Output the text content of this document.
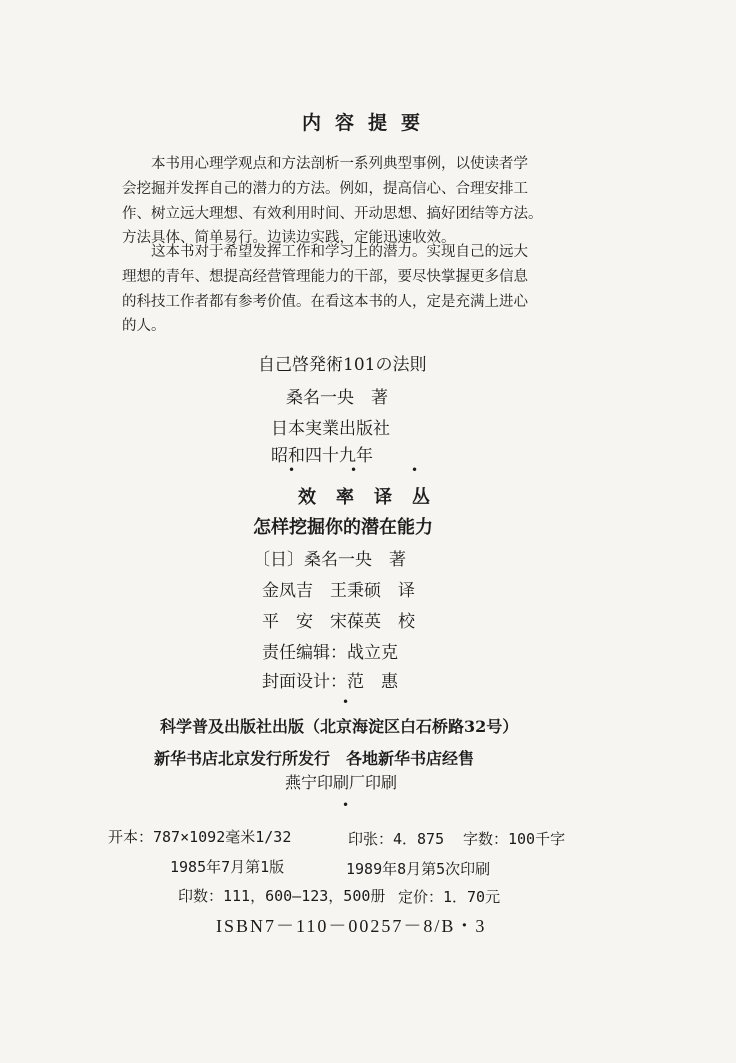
内容提要
本书用心理学观点和方法剖析一系列典型事例，以使读者学
会挖掘并发挥自己的潜力的方法。例如，提高信心、合理安排工
作、树立远大理想、有效利用时间、开动思想、搞好团结等方法。
方法具体、简单易行。边读边实践，定能迅速收效。
这本书对于希望发挥工作和学习上的潜力。实现自己的远大
理想的青年、想提高经营管理能力的干部，要尽快掌握更多信息
的科技工作者都有参考价值。在看这本书的人，定是充满上进心
的人。
自己啓発術101の法則
桑名一央　著
日本実業出版社
昭和四十九年
•	•	•
效率译丛
怎样挖掘你的潜在能力
〔日〕桑名一央　著
金凤吉　王秉硕　译
平　安　宋葆英　校
责任编辑：战立克
封面设计：范　惠
•
科学普及出版社出版（北京海淀区白石桥路32号）
新华书店北京发行所发行　各地新华书店经售
燕宁印刷厂印刷
•
开本：787×1092毫米1/32	印张：4．875 字数：100千字
1985年7月第1版	1989年8月第5次印刷
印数：111，600—123，500册 定价：1．70元
ISBN7－110－00257－8/B・3
